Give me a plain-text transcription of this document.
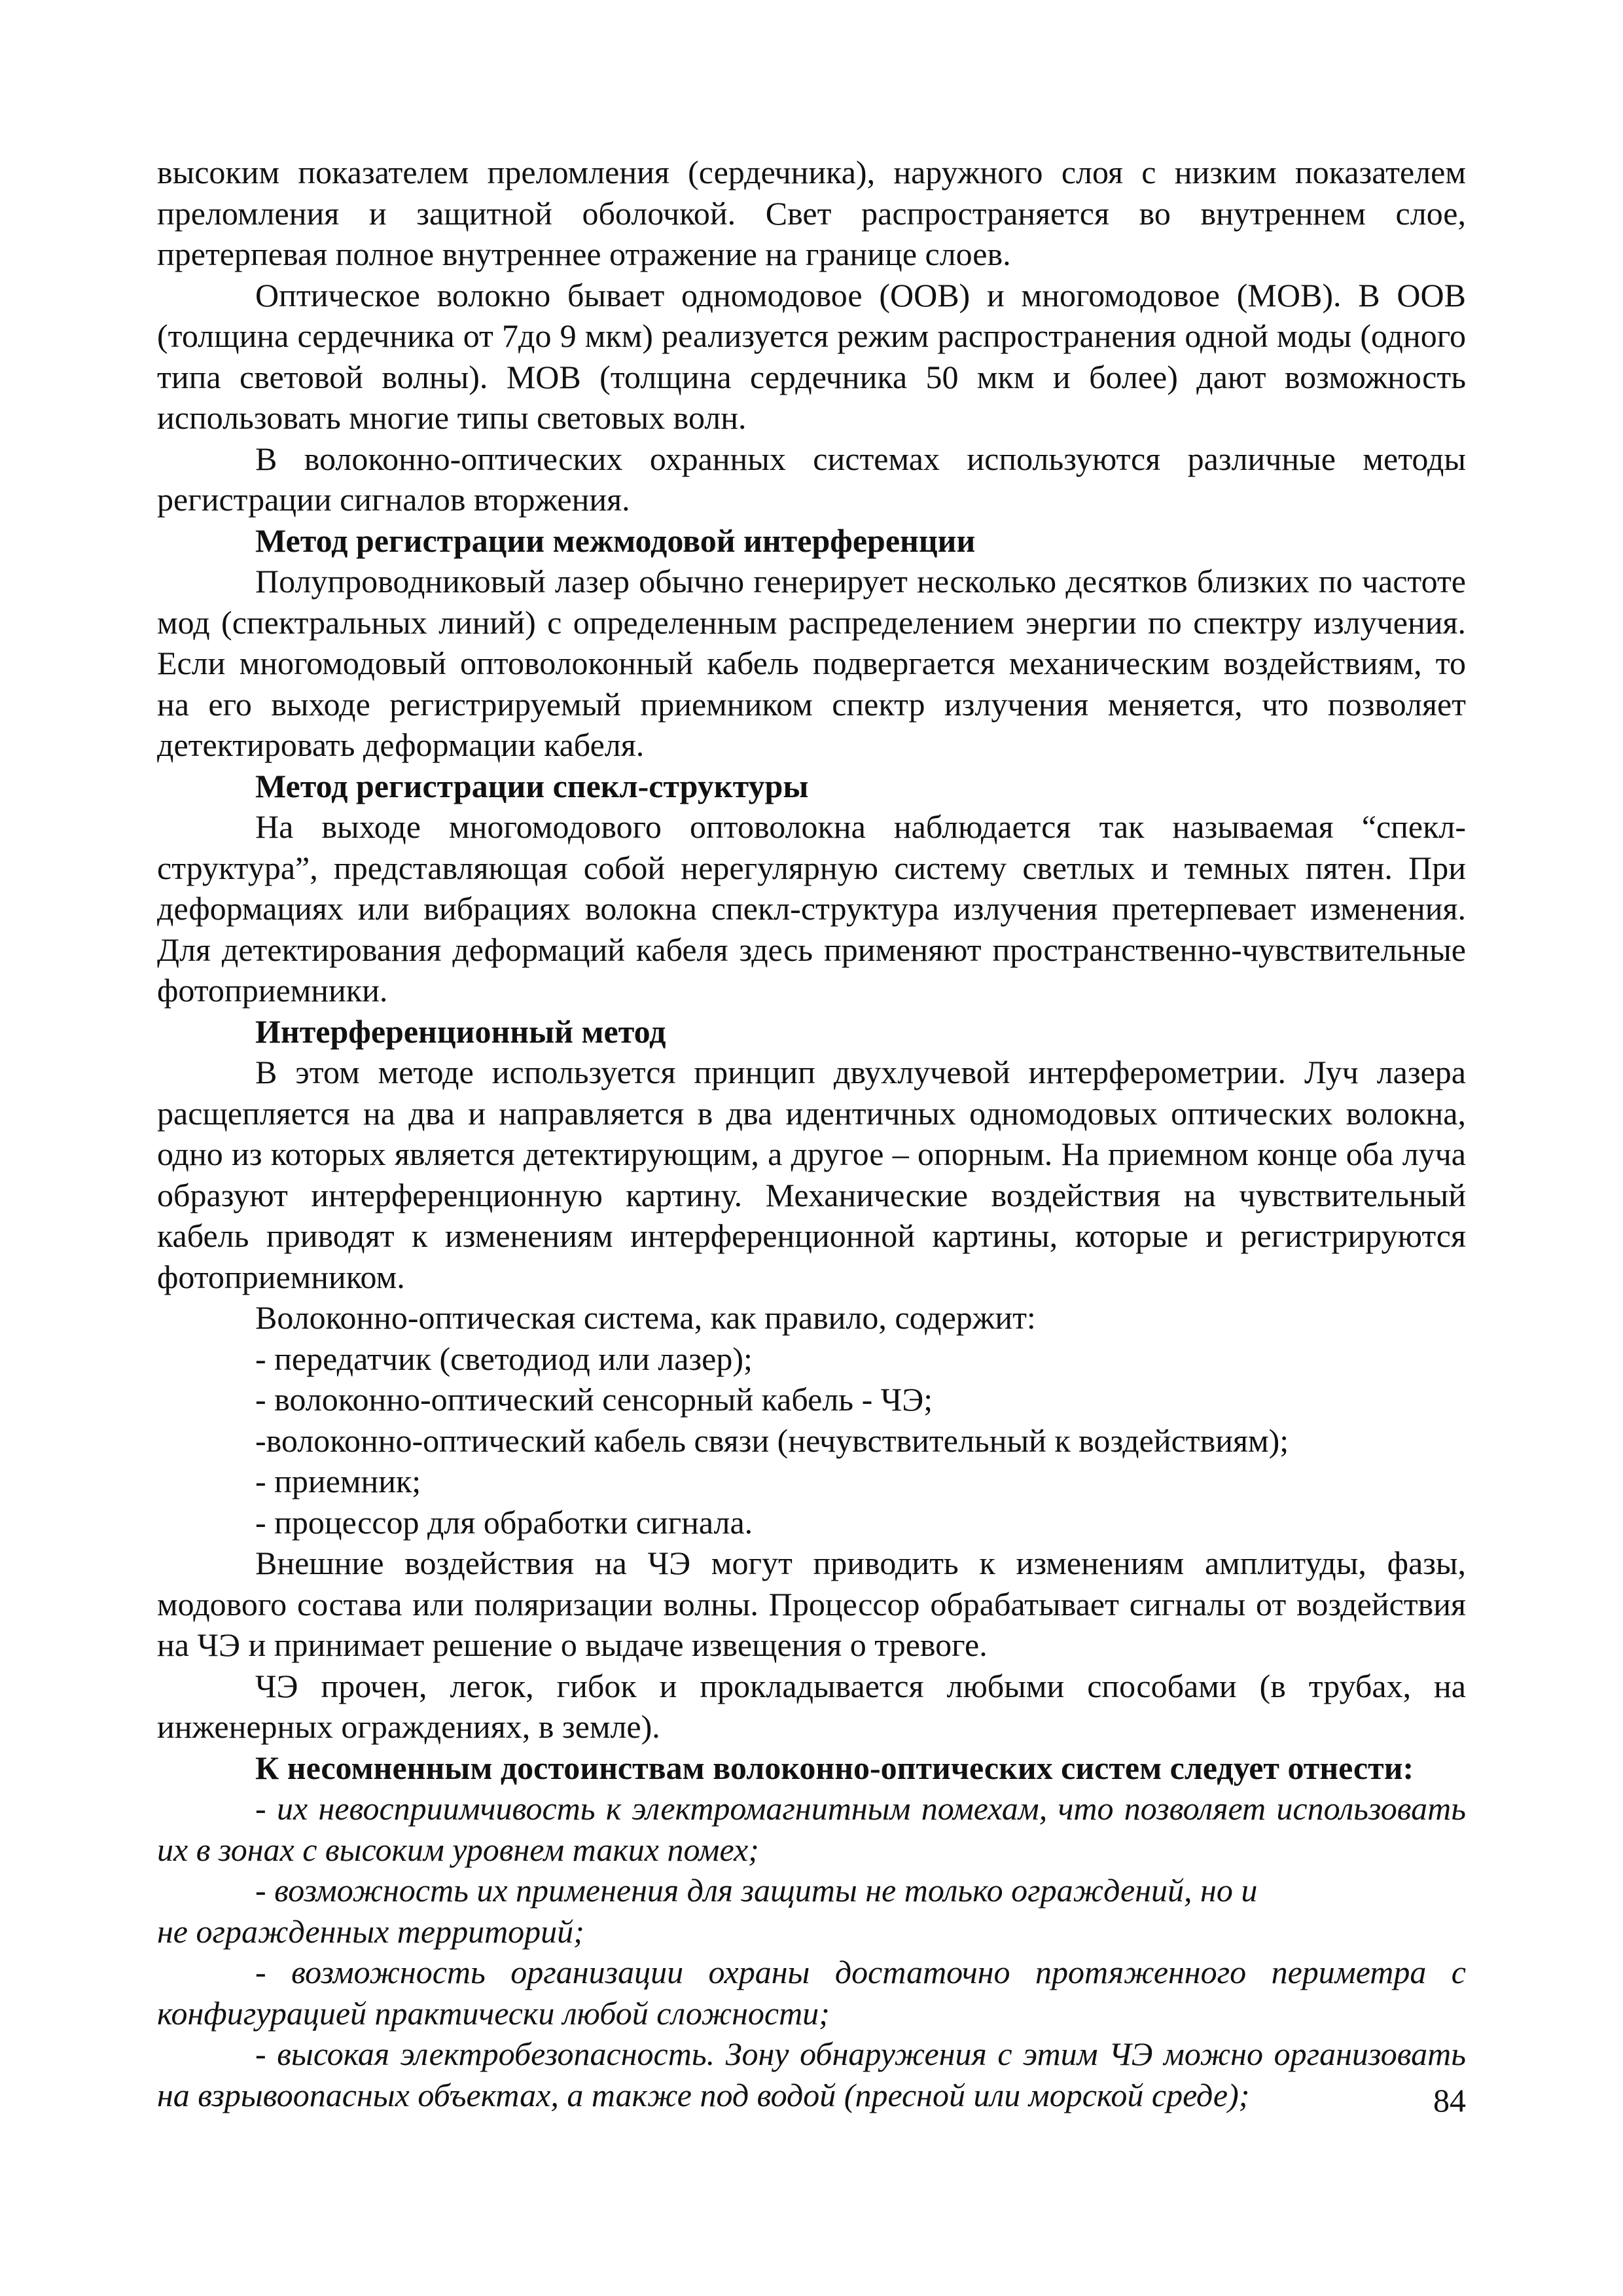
высоким показателем преломления (сердечника), наружного слоя с низким показателем преломления и защитной оболочкой. Свет распространяется во внутреннем слое, претерпевая полное внутреннее отражение на границе слоев.

Оптическое волокно бывает одномодовое (ООВ) и многомодовое (МОВ). В ООВ (толщина сердечника от 7до 9 мкм) реализуется режим распространения одной моды (одного типа световой волны). МОВ (толщина сердечника 50 мкм и более) дают возможность использовать многие типы световых волн.

В волоконно-оптических охранных системах используются различные методы регистрации сигналов вторжения.

Метод регистрации межмодовой интерференции

Полупроводниковый лазер обычно генерирует несколько десятков близких по частоте мод (спектральных линий) с определенным распределением энергии по спектру излучения. Если многомодовый оптоволоконный кабель подвергается механическим воздействиям, то на его выходе регистрируемый приемником спектр излучения меняется, что позволяет детектировать деформации кабеля.

Метод регистрации спекл-структуры

На выходе многомодового оптоволокна наблюдается так называемая “спекл-структура”, представляющая собой нерегулярную систему светлых и темных пятен. При деформациях или вибрациях волокна спекл-структура излучения претерпевает изменения. Для детектирования деформаций кабеля здесь применяют пространственно-чувствительные фотоприемники.

Интерференционный метод

В этом методе используется принцип двухлучевой интерферометрии. Луч лазера расщепляется на два и направляется в два идентичных одномодовых оптических волокна, одно из которых является детектирующим, а другое – опорным. На приемном конце оба луча образуют интерференционную картину. Механические воздействия на чувствительный кабель приводят к изменениям интерференционной картины, которые и регистрируются фотоприемником.

Волоконно-оптическая система, как правило, содержит:

- передатчик (светодиод или лазер);

- волоконно-оптический сенсорный кабель - ЧЭ;

-волоконно-оптический кабель связи (нечувствительный к воздействиям);

- приемник;

- процессор для обработки сигнала.

Внешние воздействия на ЧЭ могут приводить к изменениям амплитуды, фазы, модового состава или поляризации волны. Процессор обрабатывает сигналы от воздействия на ЧЭ и принимает решение о выдаче извещения о тревоге.

ЧЭ прочен, легок, гибок и прокладывается любыми способами (в трубах, на инженерных ограждениях, в земле).

К несомненным достоинствам волоконно-оптических систем следует отнести:

- их невосприимчивость к электромагнитным помехам, что позволяет использовать их в зонах с высоким уровнем таких помех;

- возможность их применения для защиты не только ограждений, но и

не огражденных территорий;

- возможность организации охраны достаточно протяженного периметра с конфигурацией практически любой сложности;

- высокая электробезопасность. Зону обнаружения с этим ЧЭ можно организовать на взрывоопасных объектах, а также под водой (пресной или морской среде);	84
